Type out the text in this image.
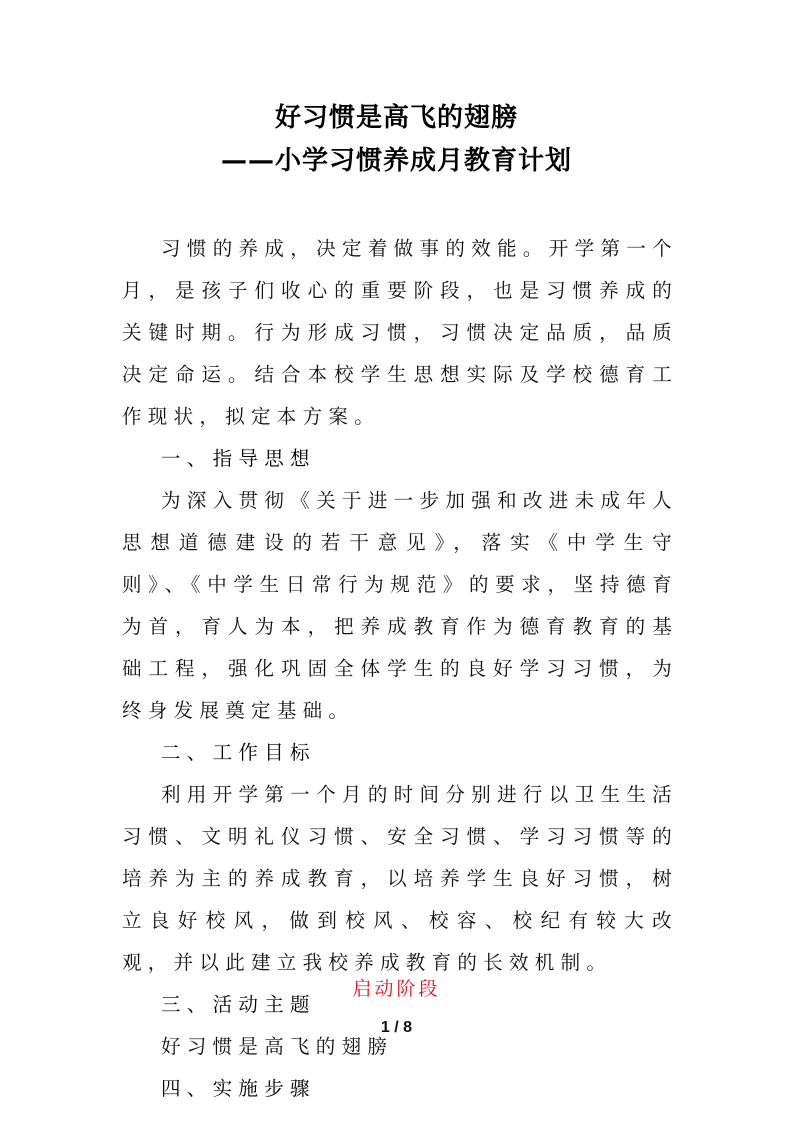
好习惯是高飞的翅膀
——小学习惯养成月教育计划

习惯的养成，决定着做事的效能。开学第一个月，是孩子们收心的重要阶段，也是习惯养成的关键时期。行为形成习惯，习惯决定品质，品质决定命运。结合本校学生思想实际及学校德育工作现状，拟定本方案。

一、指导思想

为深入贯彻《关于进一步加强和改进未成年人思想道德建设的若干意见》，落实《中学生守则》、《中学生日常行为规范》的要求，坚持德育为首，育人为本，把养成教育作为德育教育的基础工程，强化巩固全体学生的良好学习习惯，为终身发展奠定基础。

二、工作目标

利用开学第一个月的时间分别进行以卫生生活习惯、文明礼仪习惯、安全习惯、学习习惯等的培养为主的养成教育，以培养学生良好习惯，树立良好校风，做到校风、校容、校纪有较大改观，并以此建立我校养成教育的长效机制。

三、活动主题

好习惯是高飞的翅膀

四、实施步骤

启动阶段
1 / 8
